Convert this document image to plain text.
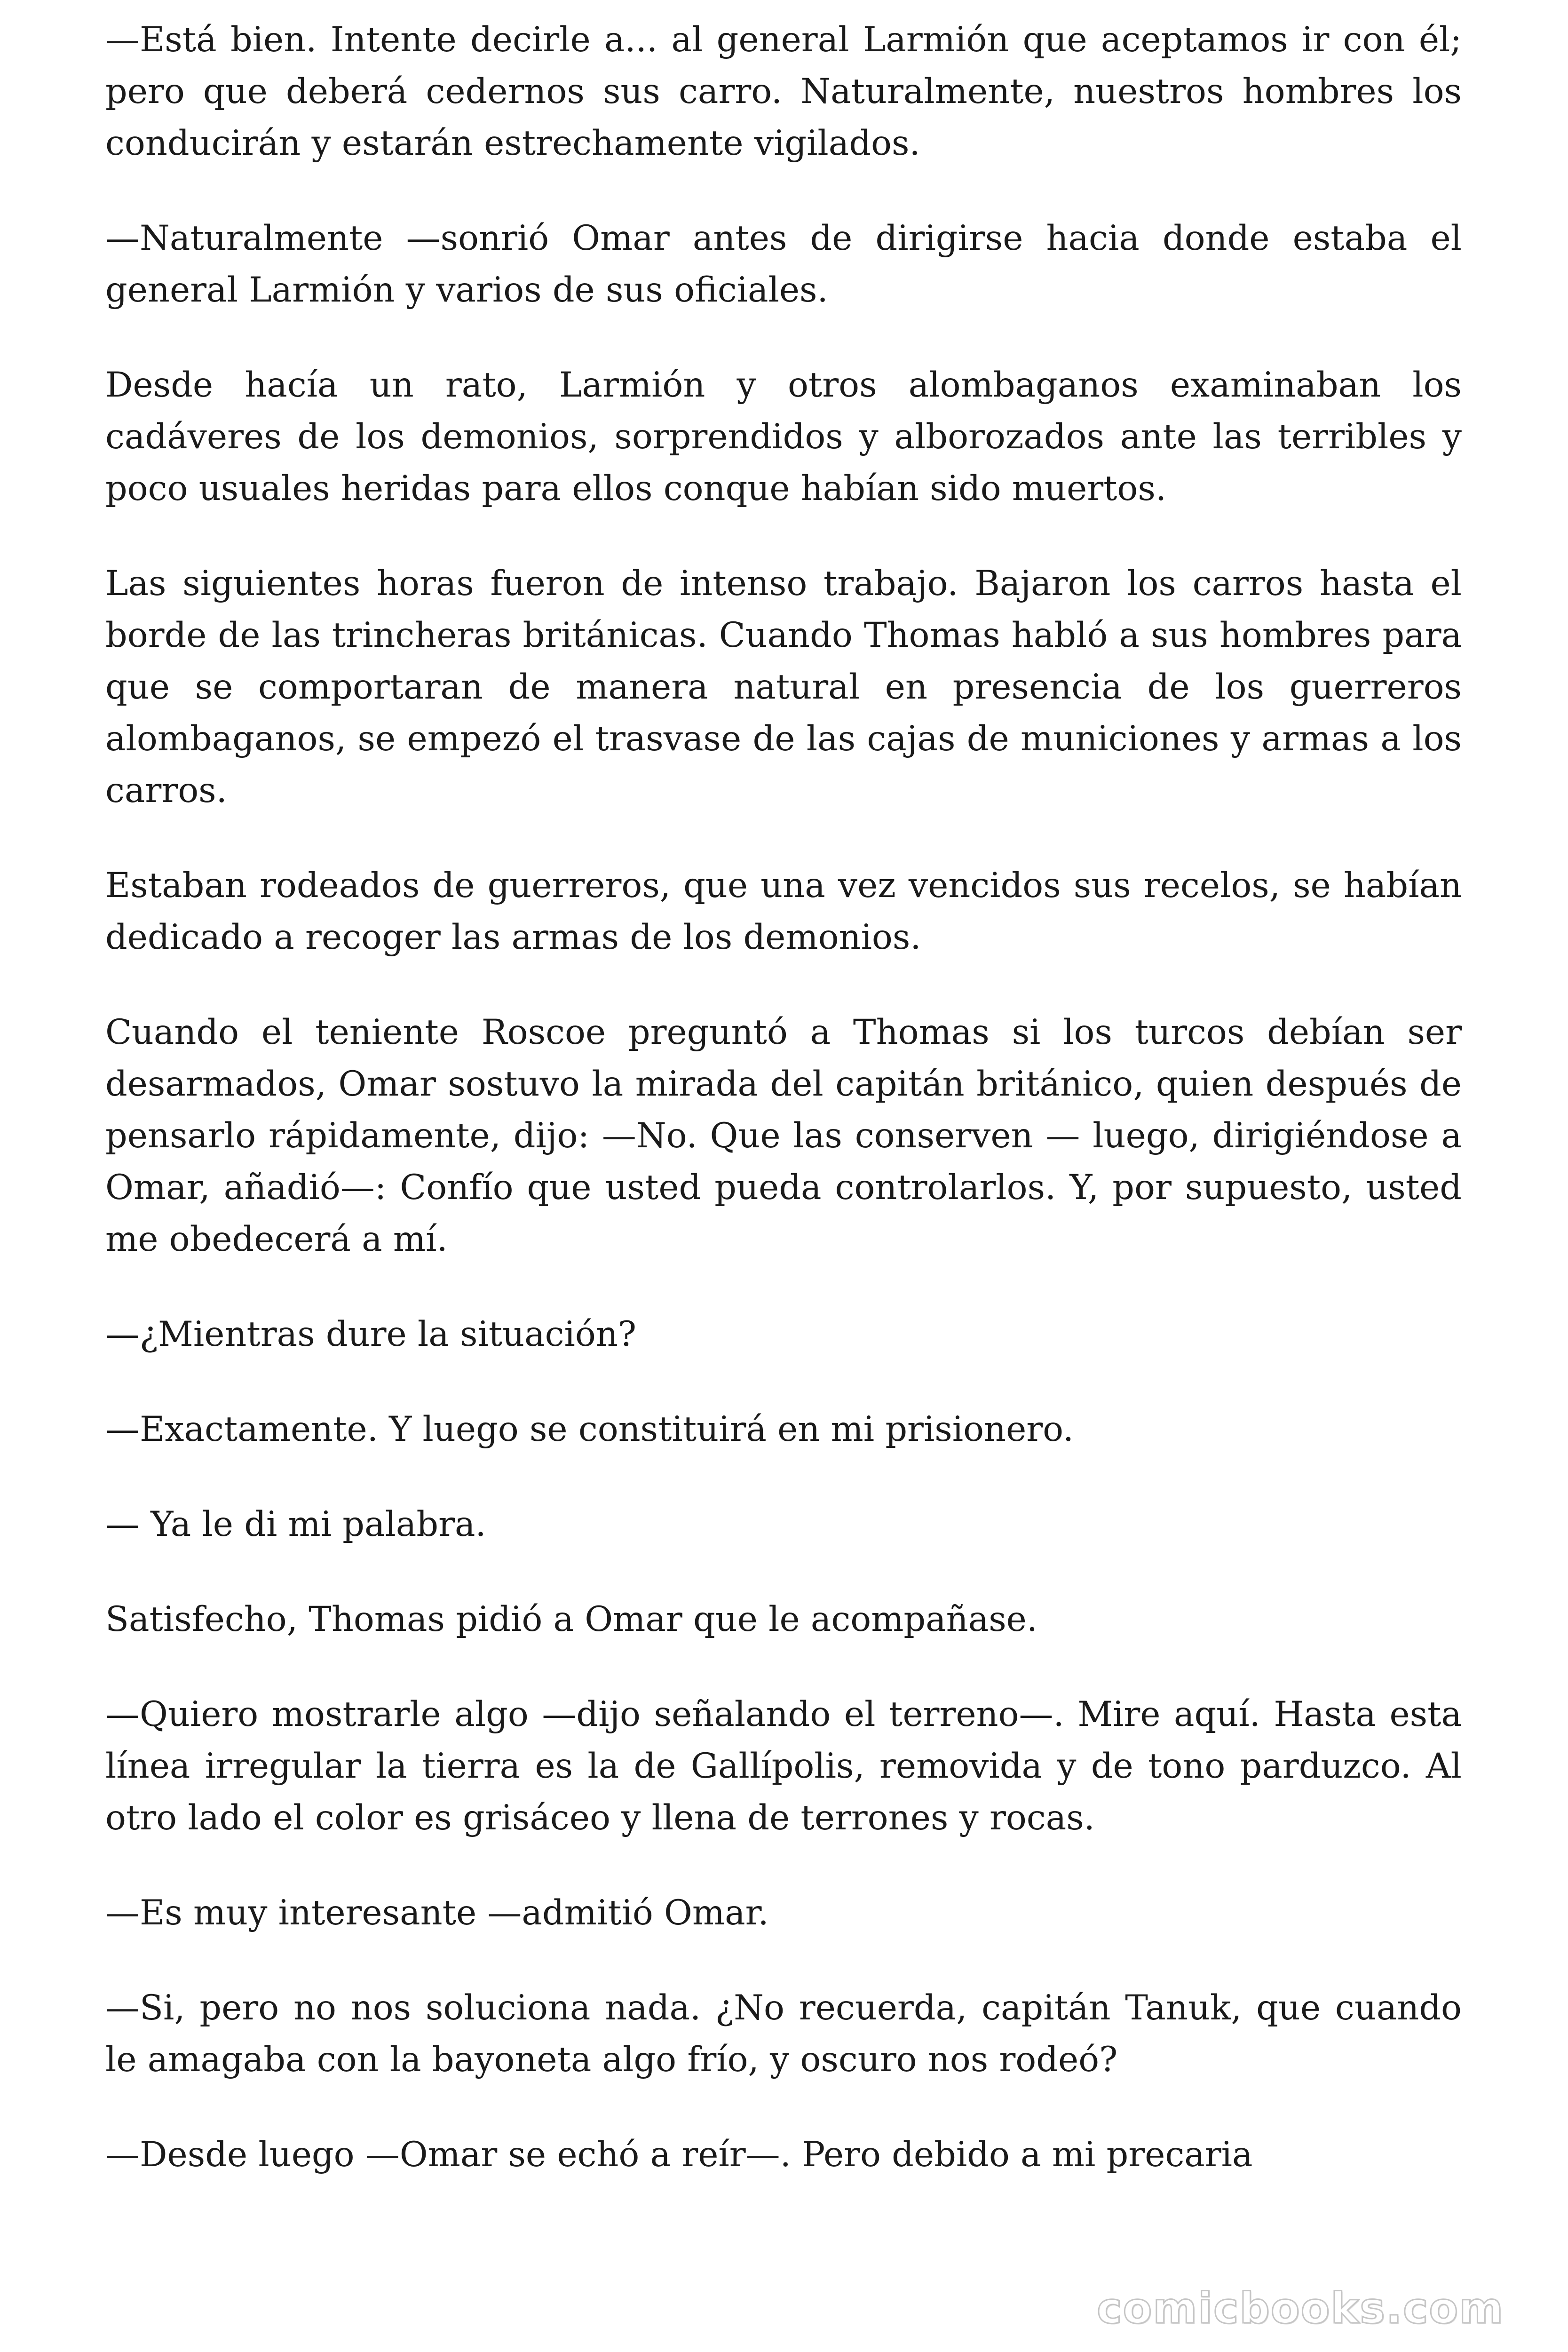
—Está bien. Intente decirle a... al general Larmión que aceptamos ir con él; pero que deberá cedernos sus carro. Naturalmente, nuestros hombres los conducirán y estarán estrechamente vigilados.

—Naturalmente —sonrió Omar antes de dirigirse hacia donde estaba el general Larmión y varios de sus oficiales.

Desde hacía un rato, Larmión y otros alombaganos examinaban los cadáveres de los demonios, sorprendidos y alborozados ante las terribles y poco usuales heridas para ellos conque habían sido muertos.

Las siguientes horas fueron de intenso trabajo. Bajaron los carros hasta el borde de las trincheras británicas. Cuando Thomas habló a sus hombres para que se comportaran de manera natural en presencia de los guerreros alombaganos, se empezó el trasvase de las cajas de municiones y armas a los carros.

Estaban rodeados de guerreros, que una vez vencidos sus recelos, se habían dedicado a recoger las armas de los demonios.

Cuando el teniente Roscoe preguntó a Thomas si los turcos debían ser desarmados, Omar sostuvo la mirada del capitán británico, quien después de pensarlo rápidamente, dijo: —No. Que las conserven — luego, dirigiéndose a Omar, añadió—: Confío que usted pueda controlarlos. Y, por supuesto, usted me obedecerá a mí.

—¿Mientras dure la situación?

—Exactamente. Y luego se constituirá en mi prisionero.

— Ya le di mi palabra.

Satisfecho, Thomas pidió a Omar que le acompañase.

—Quiero mostrarle algo —dijo señalando el terreno—. Mire aquí. Hasta esta línea irregular la tierra es la de Gallípolis, removida y de tono parduzco. Al otro lado el color es grisáceo y llena de terrones y rocas.

—Es muy interesante —admitió Omar.

—Si, pero no nos soluciona nada. ¿No recuerda, capitán Tanuk, que cuando le amagaba con la bayoneta algo frío, y oscuro nos rodeó?

—Desde luego —Omar se echó a reír—. Pero debido a mi precaria

comicbooks.com
